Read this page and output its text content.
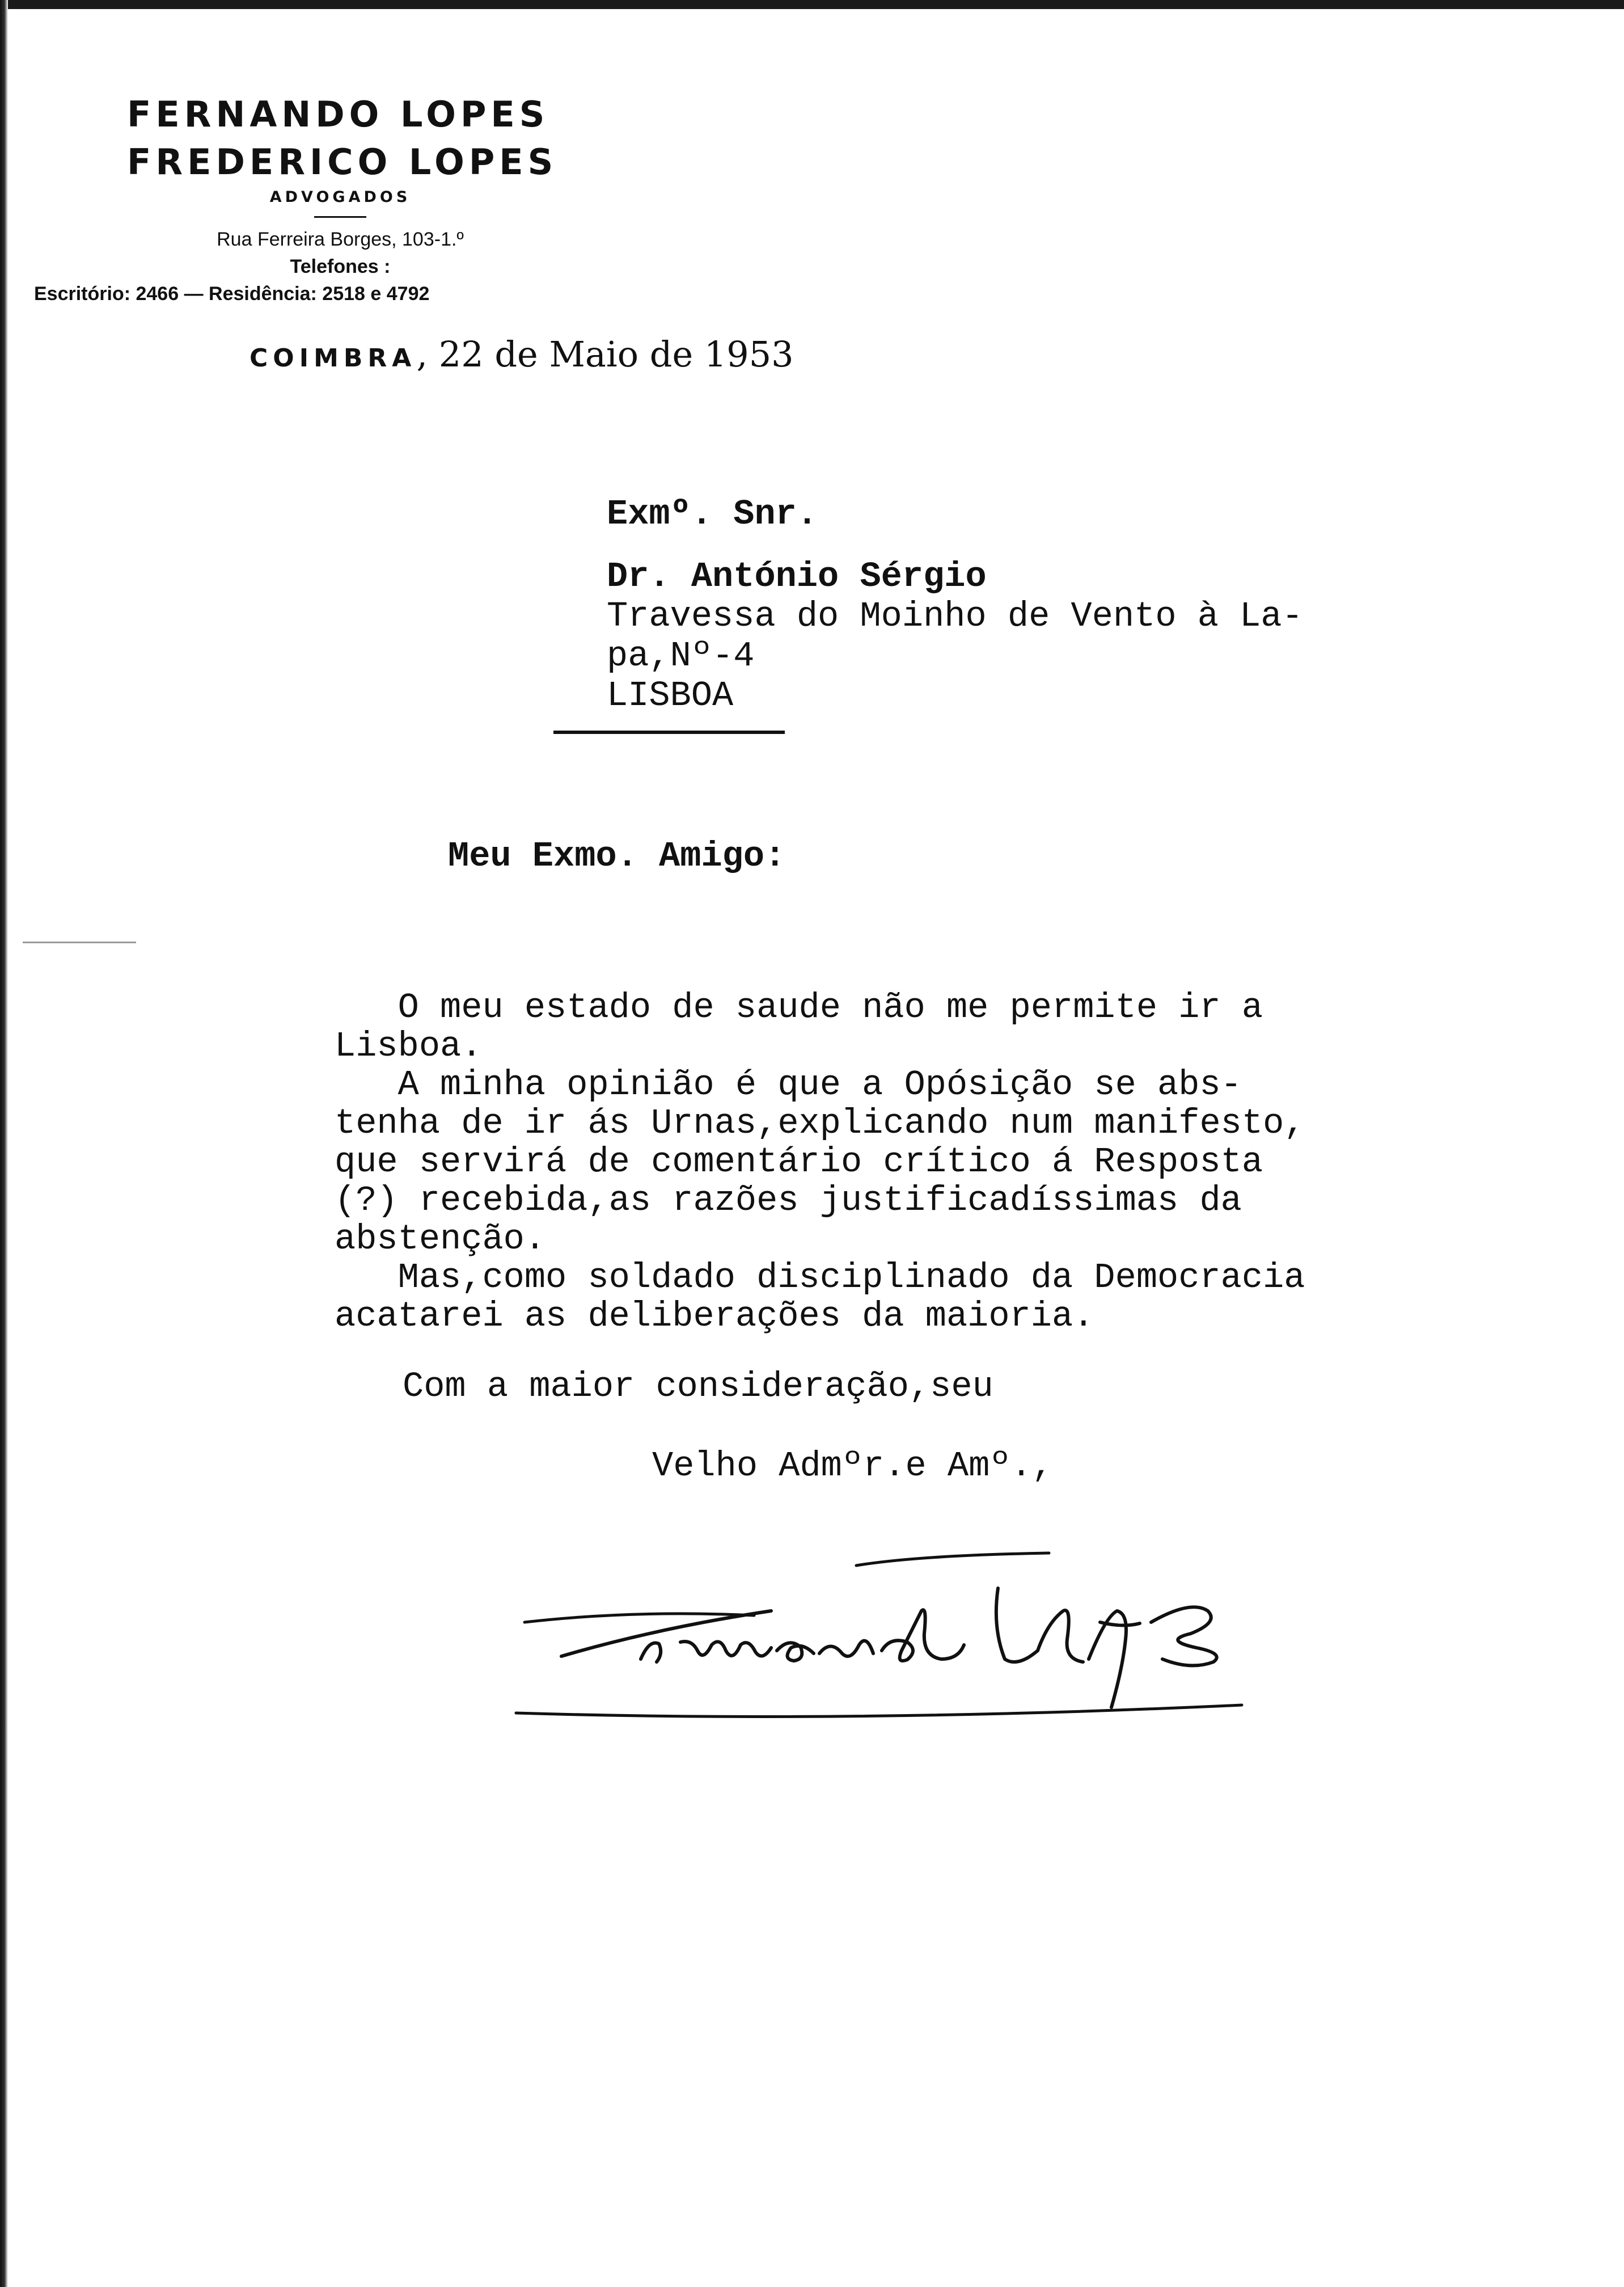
FERNANDO LOPES
FREDERICO LOPES
ADVOGADOS
Rua Ferreira Borges, 103-1.º
Telefones :
Escritório: 2466 — Residência: 2518 e 4792
COIMBRA, 22 de Maio de 1953
Exmº. Snr.
Dr. António Sérgio
Travessa do Moinho de Vento à La-
pa,Nº-4
LISBOA
Meu Exmo. Amigo:

O meu estado de saude não me permite ir a
Lisboa.
A minha opinião é que a Opósição se abs-
tenha de ir ás Urnas,explicando num manifesto,
que servirá de comentário crítico á Resposta
(?) recebida,as razões justificadíssimas da
abstenção.
Mas,como soldado disciplinado da Democracia
acatarei as deliberações da maioria.

Com a maior consideração,seu
Velho Admºr.e Amº.,
